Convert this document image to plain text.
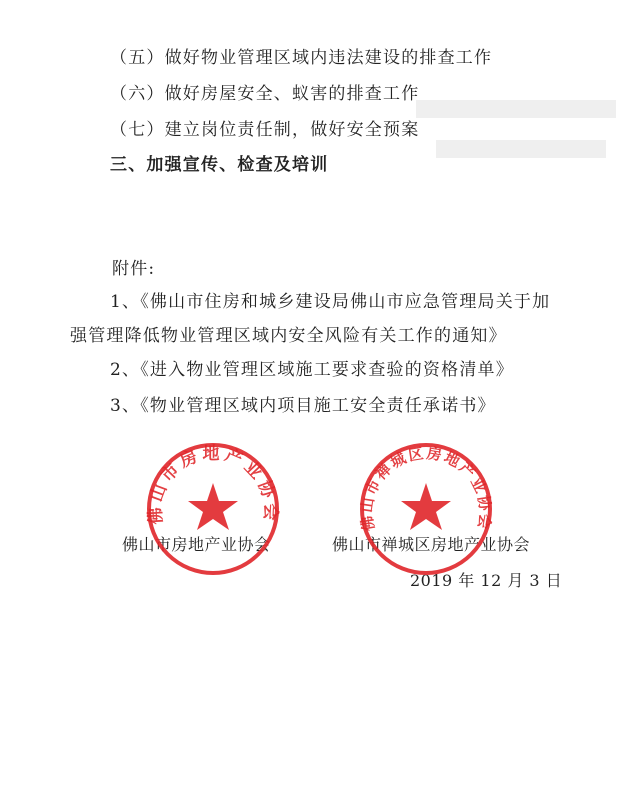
（五）做好物业管理区域内违法建设的排查工作
（六）做好房屋安全、蚁害的排查工作
（七）建立岗位责任制，做好安全预案
三、加强宣传、检查及培训
附件:
1、《佛山市住房和城乡建设局佛山市应急管理局关于加
强管理降低物业管理区域内安全风险有关工作的通知》
2、《进入物业管理区域施工要求查验的资格清单》
3、《物业管理区域内项目施工安全责任承诺书》
佛山市房地产业协会	佛山市禅城区房地产业协会
2019 年 12 月 3 日
佛山市房地产业协会	佛山市禅城区房地产业协会
